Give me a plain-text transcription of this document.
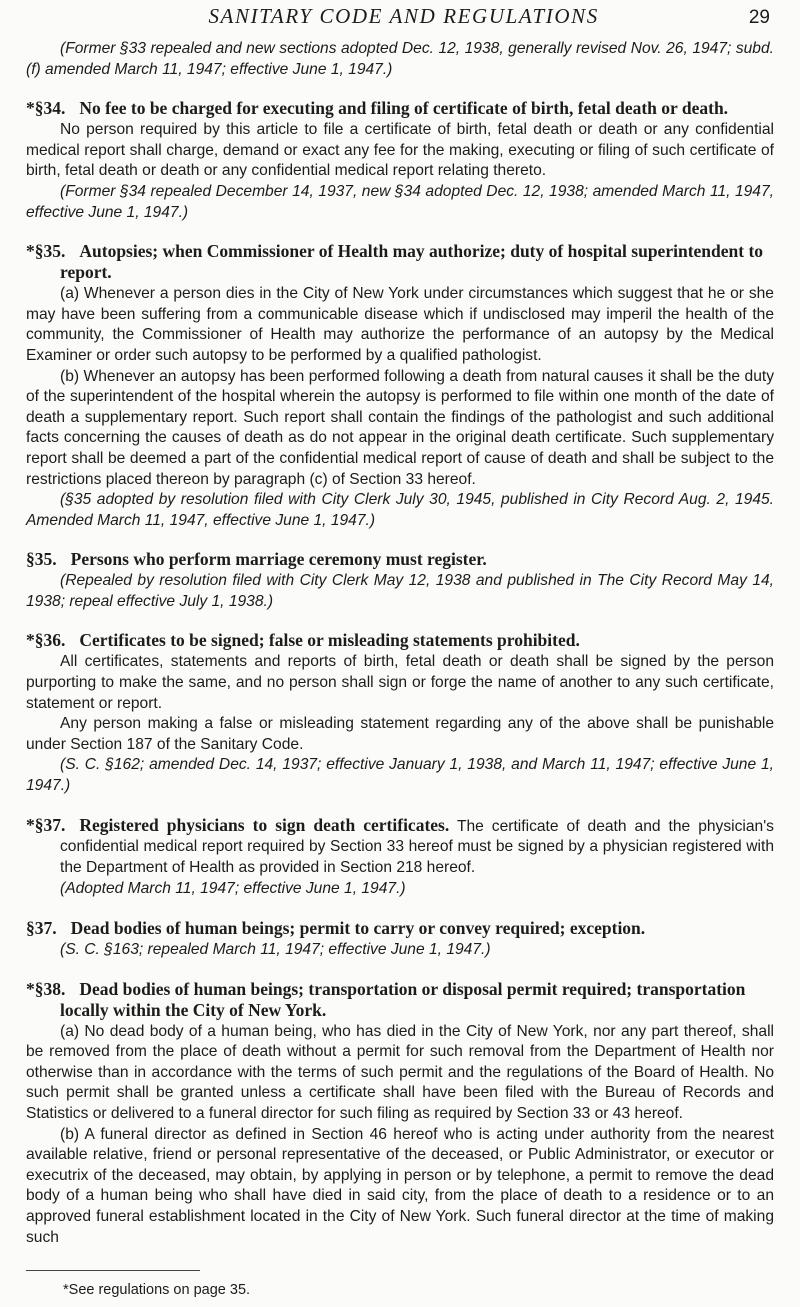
SANITARY CODE AND REGULATIONS	29

(Former §33 repealed and new sections adopted Dec. 12, 1938, generally revised Nov. 26, 1947; subd. (f) amended March 11, 1947; effective June 1, 1947.)

*§34. No fee to be charged for executing and filing of certificate of birth, fetal death or death.

No person required by this article to file a certificate of birth, fetal death or death or any confidential medical report shall charge, demand or exact any fee for the making, executing or filing of such certificate of birth, fetal death or death or any confidential medical report relating thereto.

(Former §34 repealed December 14, 1937, new §34 adopted Dec. 12, 1938; amended March 11, 1947, effective June 1, 1947.)

*§35. Autopsies; when Commissioner of Health may authorize; duty of hospital superintendent to report.

(a) Whenever a person dies in the City of New York under circumstances which suggest that he or she may have been suffering from a communicable disease which if undisclosed may imperil the health of the community, the Commissioner of Health may authorize the performance of an autopsy by the Medical Examiner or order such autopsy to be performed by a qualified pathologist.

(b) Whenever an autopsy has been performed following a death from natural causes it shall be the duty of the superintendent of the hospital wherein the autopsy is performed to file within one month of the date of death a supplementary report. Such report shall contain the findings of the pathologist and such additional facts concerning the causes of death as do not appear in the original death certificate. Such supplementary report shall be deemed a part of the confidential medical report of cause of death and shall be subject to the restrictions placed thereon by paragraph (c) of Section 33 hereof.

(§35 adopted by resolution filed with City Clerk July 30, 1945, published in City Record Aug. 2, 1945. Amended March 11, 1947, effective June 1, 1947.)

§35. Persons who perform marriage ceremony must register.

(Repealed by resolution filed with City Clerk May 12, 1938 and published in The City Record May 14, 1938; repeal effective July 1, 1938.)

*§36. Certificates to be signed; false or misleading statements prohibited.

All certificates, statements and reports of birth, fetal death or death shall be signed by the person purporting to make the same, and no person shall sign or forge the name of another to any such certificate, statement or report.

Any person making a false or misleading statement regarding any of the above shall be punishable under Section 187 of the Sanitary Code.

(S. C. §162; amended Dec. 14, 1937; effective January 1, 1938, and March 11, 1947; effective June 1, 1947.)

*§37. Registered physicians to sign death certificates. The certificate of death and the physician's confidential medical report required by Section 33 hereof must be signed by a physician registered with the Department of Health as provided in Section 218 hereof.

(Adopted March 11, 1947; effective June 1, 1947.)

§37. Dead bodies of human beings; permit to carry or convey required; exception.

(S. C. §163; repealed March 11, 1947; effective June 1, 1947.)

*§38. Dead bodies of human beings; transportation or disposal permit required; transportation locally within the City of New York.

(a) No dead body of a human being, who has died in the City of New York, nor any part thereof, shall be removed from the place of death without a permit for such removal from the Department of Health nor otherwise than in accordance with the terms of such permit and the regulations of the Board of Health. No such permit shall be granted unless a certificate shall have been filed with the Bureau of Records and Statistics or delivered to a funeral director for such filing as required by Section 33 or 43 hereof.

(b) A funeral director as defined in Section 46 hereof who is acting under authority from the nearest available relative, friend or personal representative of the deceased, or Public Administrator, or executor or executrix of the deceased, may obtain, by applying in person or by telephone, a permit to remove the dead body of a human being who shall have died in said city, from the place of death to a residence or to an approved funeral establishment located in the City of New York. Such funeral director at the time of making such

*See regulations on page 35.
